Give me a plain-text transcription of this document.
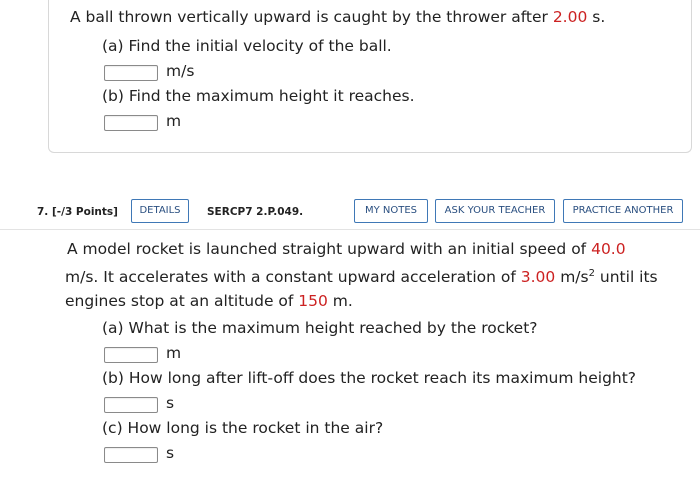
A ball thrown vertically upward is caught by the thrower after 2.00 s.
(a) Find the initial velocity of the ball.
m/s
(b) Find the maximum height it reaches.
m
7. [-/3 Points]	DETAILS	SERCP7 2.P.049.	MY NOTES	ASK YOUR TEACHER	PRACTICE ANOTHER
A model rocket is launched straight upward with an initial speed of 40.0
m/s. It accelerates with a constant upward acceleration of 3.00 $m/s^2$ until its
engines stop at an altitude of 150 m.
(a) What is the maximum height reached by the rocket?
m
(b) How long after lift-off does the rocket reach its maximum height?
s
(c) How long is the rocket in the air?
s
